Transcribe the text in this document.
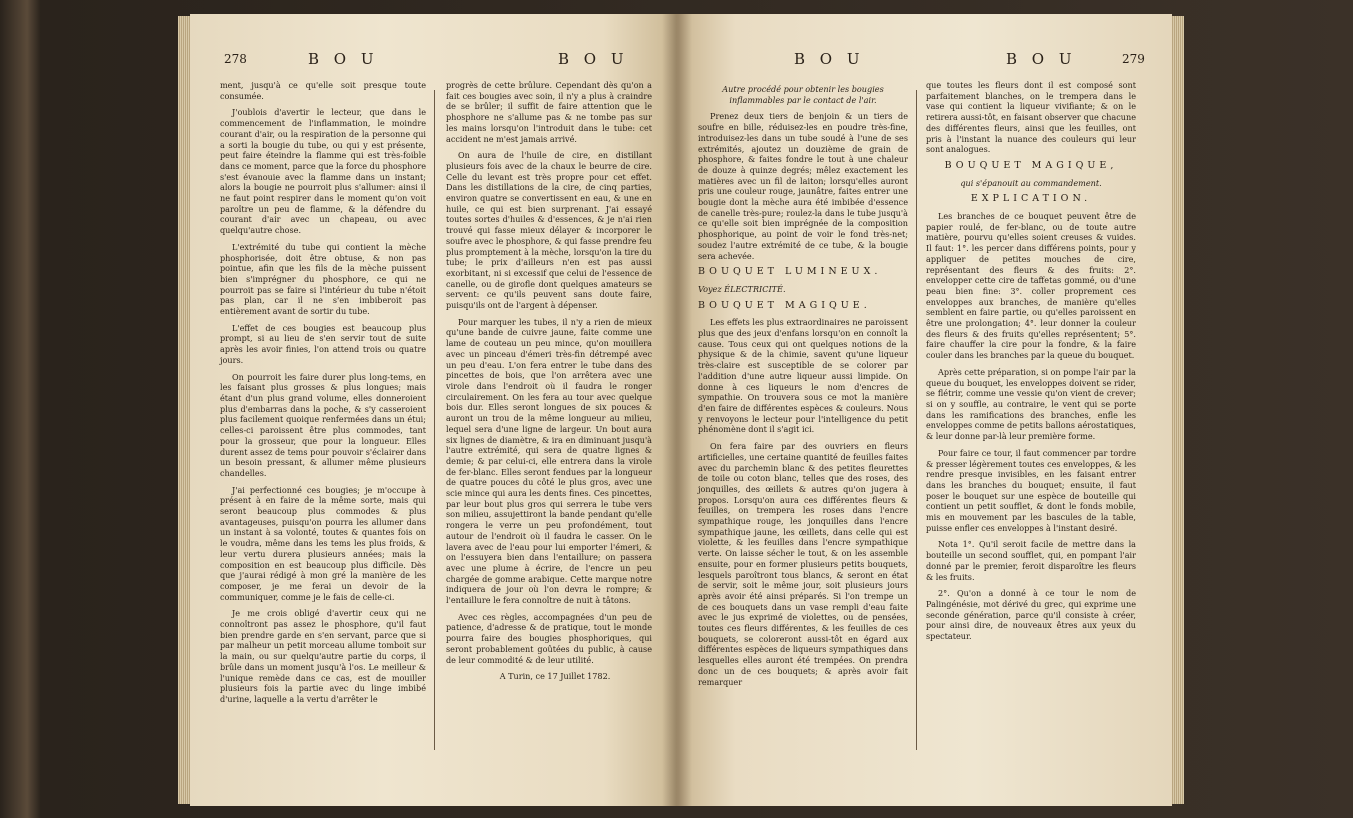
278	B O U	B O U

ment, jusqu'à ce qu'elle soit presque toute consumée.

J'oublois d'avertir le lecteur, que dans le commencement de l'inflammation, le moindre courant d'air, ou la respiration de la personne qui a sorti la bougie du tube, ou qui y est présente, peut faire éteindre la flamme qui est très-foible dans ce moment, parce que la force du phosphore s'est évanouie avec la flamme dans un instant; alors la bougie ne pourroit plus s'allumer: ainsi il ne faut point respirer dans le moment qu'on voit paroître un peu de flamme, & la défendre du courant d'air avec un chapeau, ou avec quelqu'autre chose.

L'extrémité du tube qui contient la mèche phosphorisée, doit être obtuse, & non pas pointue, afin que les fils de la mèche puissent bien s'imprégner du phosphore, ce qui ne pourroit pas se faire si l'intérieur du tube n'étoit pas plan, car il ne s'en imbiberoit pas entièrement avant de sortir du tube.

L'effet de ces bougies est beaucoup plus prompt, si au lieu de s'en servir tout de suite après les avoir finies, l'on attend trois ou quatre jours.

On pourroit les faire durer plus long-tems, en les faisant plus grosses & plus longues; mais étant d'un plus grand volume, elles donneroient plus d'embarras dans la poche, & s'y casseroient plus facilement quoique renfermées dans un étui; celles-ci paroissent être plus commodes, tant pour la grosseur, que pour la longueur. Elles durent assez de tems pour pouvoir s'éclairer dans un besoin pressant, & allumer même plusieurs chandelles.

J'ai perfectionné ces bougies; je m'occupe à présent à en faire de la même sorte, mais qui seront beaucoup plus commodes & plus avantageuses, puisqu'on pourra les allumer dans un instant à sa volonté, toutes & quantes fois on le voudra, même dans les tems les plus froids, & leur vertu durera plusieurs années; mais la composition en est beaucoup plus difficile. Dès que j'aurai rédigé à mon gré la manière de les composer, je me ferai un devoir de la communiquer, comme je le fais de celle-ci.

Je me crois obligé d'avertir ceux qui ne connoîtront pas assez le phosphore, qu'il faut bien prendre garde en s'en servant, parce que si par malheur un petit morceau allume tomboit sur la main, ou sur quelqu'autre partie du corps, il brûle dans un moment jusqu'à l'os. Le meilleur & l'unique remède dans ce cas, est de mouiller plusieurs fois la partie avec du linge imbibé d'urine, laquelle a la vertu d'arrêter le

progrès de cette brûlure. Cependant dès qu'on a fait ces bougies avec soin, il n'y a plus à craindre de se brûler; il suffit de faire attention que le phosphore ne s'allume pas & ne tombe pas sur les mains lorsqu'on l'introduit dans le tube: cet accident ne m'est jamais arrivé.

On aura de l'huile de cire, en distillant plusieurs fois avec de la chaux le beurre de cire. Celle du levant est très propre pour cet effet. Dans les distillations de la cire, de cinq parties, environ quatre se convertissent en eau, & une en huile, ce qui est bien surprenant. J'ai essayé toutes sortes d'huiles & d'essences, & je n'ai rien trouvé qui fasse mieux délayer & incorporer le soufre avec le phosphore, & qui fasse prendre feu plus promptement à la mèche, lorsqu'on la tire du tube; le prix d'ailleurs n'en est pas aussi exorbitant, ni si excessif que celui de l'essence de canelle, ou de girofle dont quelques amateurs se servent: ce qu'ils peuvent sans doute faire, puisqu'ils ont de l'argent à dépenser.

Pour marquer les tubes, il n'y a rien de mieux qu'une bande de cuivre jaune, faite comme une lame de couteau un peu mince, qu'on mouillera avec un pinceau d'émeri très-fin détrempé avec un peu d'eau. L'on fera entrer le tube dans des pincettes de bois, que l'on arrêtera avec une virole dans l'endroit où il faudra le ronger circulairement. On les fera au tour avec quelque bois dur. Elles seront longues de six pouces & auront un trou de la même longueur au milieu, lequel sera d'une ligne de largeur. Un bout aura six lignes de diamètre, & ira en diminuant jusqu'à l'autre extrémité, qui sera de quatre lignes & demie; & par celui-ci, elle entrera dans la virole de fer-blanc. Elles seront fendues par la longueur de quatre pouces du côté le plus gros, avec une scie mince qui aura les dents fines. Ces pincettes, par leur bout plus gros qui serrera le tube vers son milieu, assujettiront la bande pendant qu'elle rongera le verre un peu profondément, tout autour de l'endroit où il faudra le casser. On le lavera avec de l'eau pour lui emporter l'émeri, & on l'essuyera bien dans l'entaillure; on passera avec une plume à écrire, de l'encre un peu chargée de gomme arabique. Cette marque notre indiquera de jour où l'on devra le rompre; & l'entaillure le fera connoître de nuit à tâtons.

Avec ces règles, accompagnées d'un peu de patience, d'adresse & de pratique, tout le monde pourra faire des bougies phosphoriques, qui seront probablement goûtées du public, à cause de leur commodité & de leur utilité.

A Turin, ce 17 Juillet 1782.

B O U	B O U	279

Autre procédé pour obtenir les bougies inflammables par le contact de l'air.

Prenez deux tiers de benjoin & un tiers de soufre en bille, réduisez-les en poudre très-fine, introduisez-les dans un tube soudé à l'une de ses extrémités, ajoutez un douzième de grain de phosphore, & faites fondre le tout à une chaleur de douze à quinze degrés; mêlez exactement les matières avec un fil de laiton; lorsqu'elles auront pris une couleur rouge, jaunâtre, faites entrer une bougie dont la mèche aura été imbibée d'essence de canelle très-pure; roulez-la dans le tube jusqu'à ce qu'elle soit bien imprégnée de la composition phosphorique, au point de voir le fond très-net; soudez l'autre extrémité de ce tube, & la bougie sera achevée.

BOUQUET LUMINEUX.

Voyez ÉLECTRICITÉ.

BOUQUET MAGIQUE.

Les effets les plus extraordinaires ne paroissent plus que des jeux d'enfans lorsqu'on en connoît la cause. Tous ceux qui ont quelques notions de la physique & de la chimie, savent qu'une liqueur très-claire est susceptible de se colorer par l'addition d'une autre liqueur aussi limpide. On donne à ces liqueurs le nom d'encres de sympathie. On trouvera sous ce mot la manière d'en faire de différentes espèces & couleurs. Nous y renvoyons le lecteur pour l'intelligence du petit phénomène dont il s'agit ici.

On fera faire par des ouvriers en fleurs artificielles, une certaine quantité de feuilles faites avec du parchemin blanc & des petites fleurettes de toile ou coton blanc, telles que des roses, des jonquilles, des œillets & autres qu'on jugera à propos. Lorsqu'on aura ces différentes fleurs & feuilles, on trempera les roses dans l'encre sympathique rouge, les jonquilles dans l'encre sympathique jaune, les œillets, dans celle qui est violette, & les feuilles dans l'encre sympathique verte. On laisse sécher le tout, & on les assemble ensuite, pour en former plusieurs petits bouquets, lesquels paroîtront tous blancs, & seront en état de servir, soit le même jour, soit plusieurs jours après avoir été ainsi préparés. Si l'on trempe un de ces bouquets dans un vase rempli d'eau faite avec le jus exprimé de violettes, ou de pensées, toutes ces fleurs différentes, & les feuilles de ces bouquets, se coloreront aussi-tôt en égard aux différentes espèces de liqueurs sympathiques dans lesquelles elles auront été trempées. On prendra donc un de ces bouquets; & après avoir fait remarquer

que toutes les fleurs dont il est composé sont parfaitement blanches, on le trempera dans le vase qui contient la liqueur vivifiante; & on le retirera aussi-tôt, en faisant observer que chacune des différentes fleurs, ainsi que les feuilles, ont pris à l'instant la nuance des couleurs qui leur sont analogues.

BOUQUET MAGIQUE,

qui s'épanouit au commandement.

EXPLICATION.

Les branches de ce bouquet peuvent être de papier roulé, de fer-blanc, ou de toute autre matière, pourvu qu'elles soient creuses & vuides. Il faut: 1°. les percer dans différens points, pour y appliquer de petites mouches de cire, représentant des fleurs & des fruits: 2°. envelopper cette cire de taffetas gommé, ou d'une peau bien fine: 3°. coller proprement ces enveloppes aux branches, de manière qu'elles semblent en faire partie, ou qu'elles paroissent en être une prolongation; 4°. leur donner la couleur des fleurs & des fruits qu'elles représentent; 5°. faire chauffer la cire pour la fondre, & la faire couler dans les branches par la queue du bouquet.

Après cette préparation, si on pompe l'air par la queue du bouquet, les enveloppes doivent se rider, se flétrir, comme une vessie qu'on vient de crever; si on y souffle, au contraire, le vent qui se porte dans les ramifications des branches, enfle les enveloppes comme de petits ballons aérostatiques, & leur donne par-là leur première forme.

Pour faire ce tour, il faut commencer par tordre & presser légèrement toutes ces enveloppes, & les rendre presque invisibles, en les faisant entrer dans les branches du bouquet; ensuite, il faut poser le bouquet sur une espèce de bouteille qui contient un petit soufflet, & dont le fonds mobile, mis en mouvement par les bascules de la table, puisse enfler ces enveloppes à l'instant desiré.

Nota 1°. Qu'il seroit facile de mettre dans la bouteille un second soufflet, qui, en pompant l'air donné par le premier, feroit disparoître les fleurs & les fruits.

2°. Qu'on a donné à ce tour le nom de Palingénésie, mot dérivé du grec, qui exprime une seconde génération, parce qu'il consiste à créer, pour ainsi dire, de nouveaux êtres aux yeux du spectateur.
